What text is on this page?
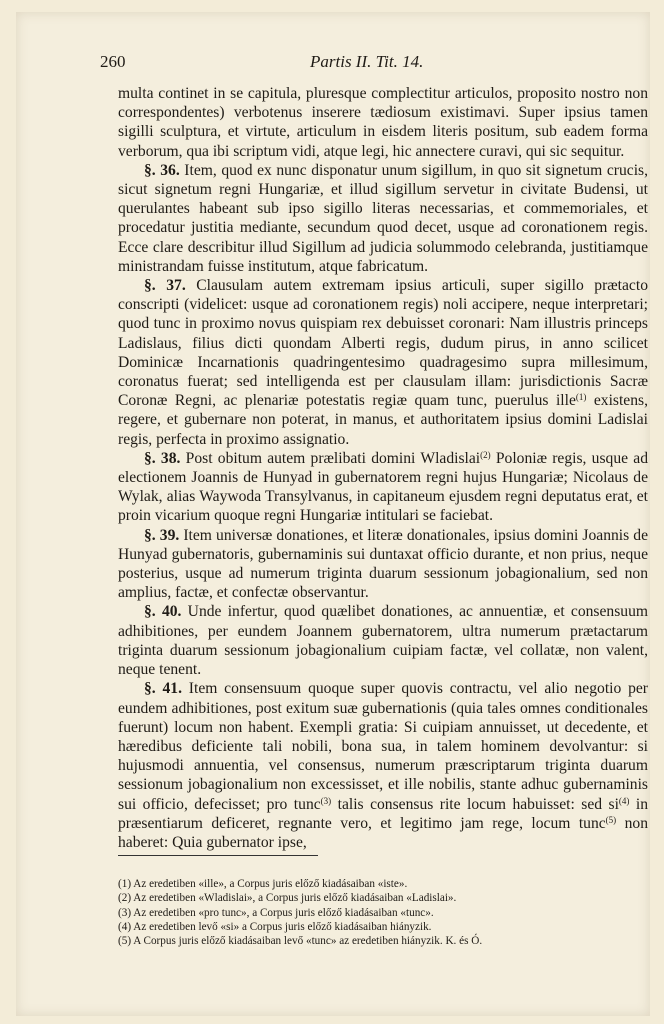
260	Partis II. Tit. 14.

multa continet in se capitula, pluresque complectitur articulos, proposito nostro non correspondentes) verbotenus inserere tædiosum existimavi. Super ipsius tamen sigilli sculptura, et virtute, articulum in eisdem literis positum, sub eadem forma verborum, qua ibi scriptum vidi, atque legi, hic annectere curavi, qui sic sequitur.

§. 36. Item, quod ex nunc disponatur unum sigillum, in quo sit signetum crucis, sicut signetum regni Hungariæ, et illud sigillum servetur in civitate Budensi, ut querulantes habeant sub ipso sigillo literas necessarias, et commemoriales, et procedatur justitia mediante, secundum quod decet, usque ad coronationem regis. Ecce clare describitur illud Sigillum ad judicia solummodo celebranda, justitiamque ministrandam fuisse institutum, atque fabricatum.

§. 37. Clausulam autem extremam ipsius articuli, super sigillo prætacto conscripti (videlicet: usque ad coronationem regis) noli accipere, neque interpretari; quod tunc in proximo novus quispiam rex debuisset coronari: Nam illustris princeps Ladislaus, filius dicti quondam Alberti regis, dudum pirus, in anno scilicet Dominicæ Incarnationis quadringentesimo quadragesimo supra millesimum, coronatus fuerat; sed intelligenda est per clausulam illam: jurisdictionis Sacræ Coronæ Regni, ac plenariæ potestatis regiæ quam tunc, puerulus ille$^{(1)}$ existens, regere, et gubernare non poterat, in manus, et authoritatem ipsius domini Ladislai regis, perfecta in proximo assignatio.

§. 38. Post obitum autem prælibati domini Wladislai$^{(2)}$ Poloniæ regis, usque ad electionem Joannis de Hunyad in gubernatorem regni hujus Hungariæ; Nicolaus de Wylak, alias Waywoda Transylvanus, in capitaneum ejusdem regni deputatus erat, et proin vicarium quoque regni Hungariæ intitulari se faciebat.

§. 39. Item universæ donationes, et literæ donationales, ipsius domini Joannis de Hunyad gubernatoris, gubernaminis sui duntaxat officio durante, et non prius, neque posterius, usque ad numerum triginta duarum sessionum jobagionalium, sed non amplius, factæ, et confectæ observantur.

§. 40. Unde infertur, quod quælibet donationes, ac annuentiæ, et consensuum adhibitiones, per eundem Joannem gubernatorem, ultra numerum prætactarum triginta duarum sessionum jobagionalium cuipiam factæ, vel collatæ, non valent, neque tenent.

§. 41. Item consensuum quoque super quovis contractu, vel alio negotio per eundem adhibitiones, post exitum suæ gubernationis (quia tales omnes conditionales fuerunt) locum non habent. Exempli gratia: Si cuipiam annuisset, ut decedente, et hæredibus deficiente tali nobili, bona sua, in talem hominem devolvantur: si hujusmodi annuentia, vel consensus, numerum præscriptarum triginta duarum sessionum jobagionalium non excessisset, et ille nobilis, stante adhuc gubernaminis sui officio, defecisset; pro tunc$^{(3)}$ talis consensus rite locum habuisset: sed $si^{(4)}$ in præsentiarum deficeret, regnante vero, et legitimo jam rege, locum tunc$^{(5)}$ non haberet: Quia gubernator ipse,

(1) Az eredetiben «ille», a Corpus juris előző kiadásaiban «iste».
(2) Az eredetiben «Wladislai», a Corpus juris előző kiadásaiban «Ladislai».
(3) Az eredetiben «pro tunc», a Corpus juris előző kiadásaiban «tunc».
(4) Az eredetiben levő «si» a Corpus juris előző kiadásaiban hiányzik.
(5) A Corpus juris előző kiadásaiban levő «tunc» az eredetiben hiányzik. K. és Ó.
